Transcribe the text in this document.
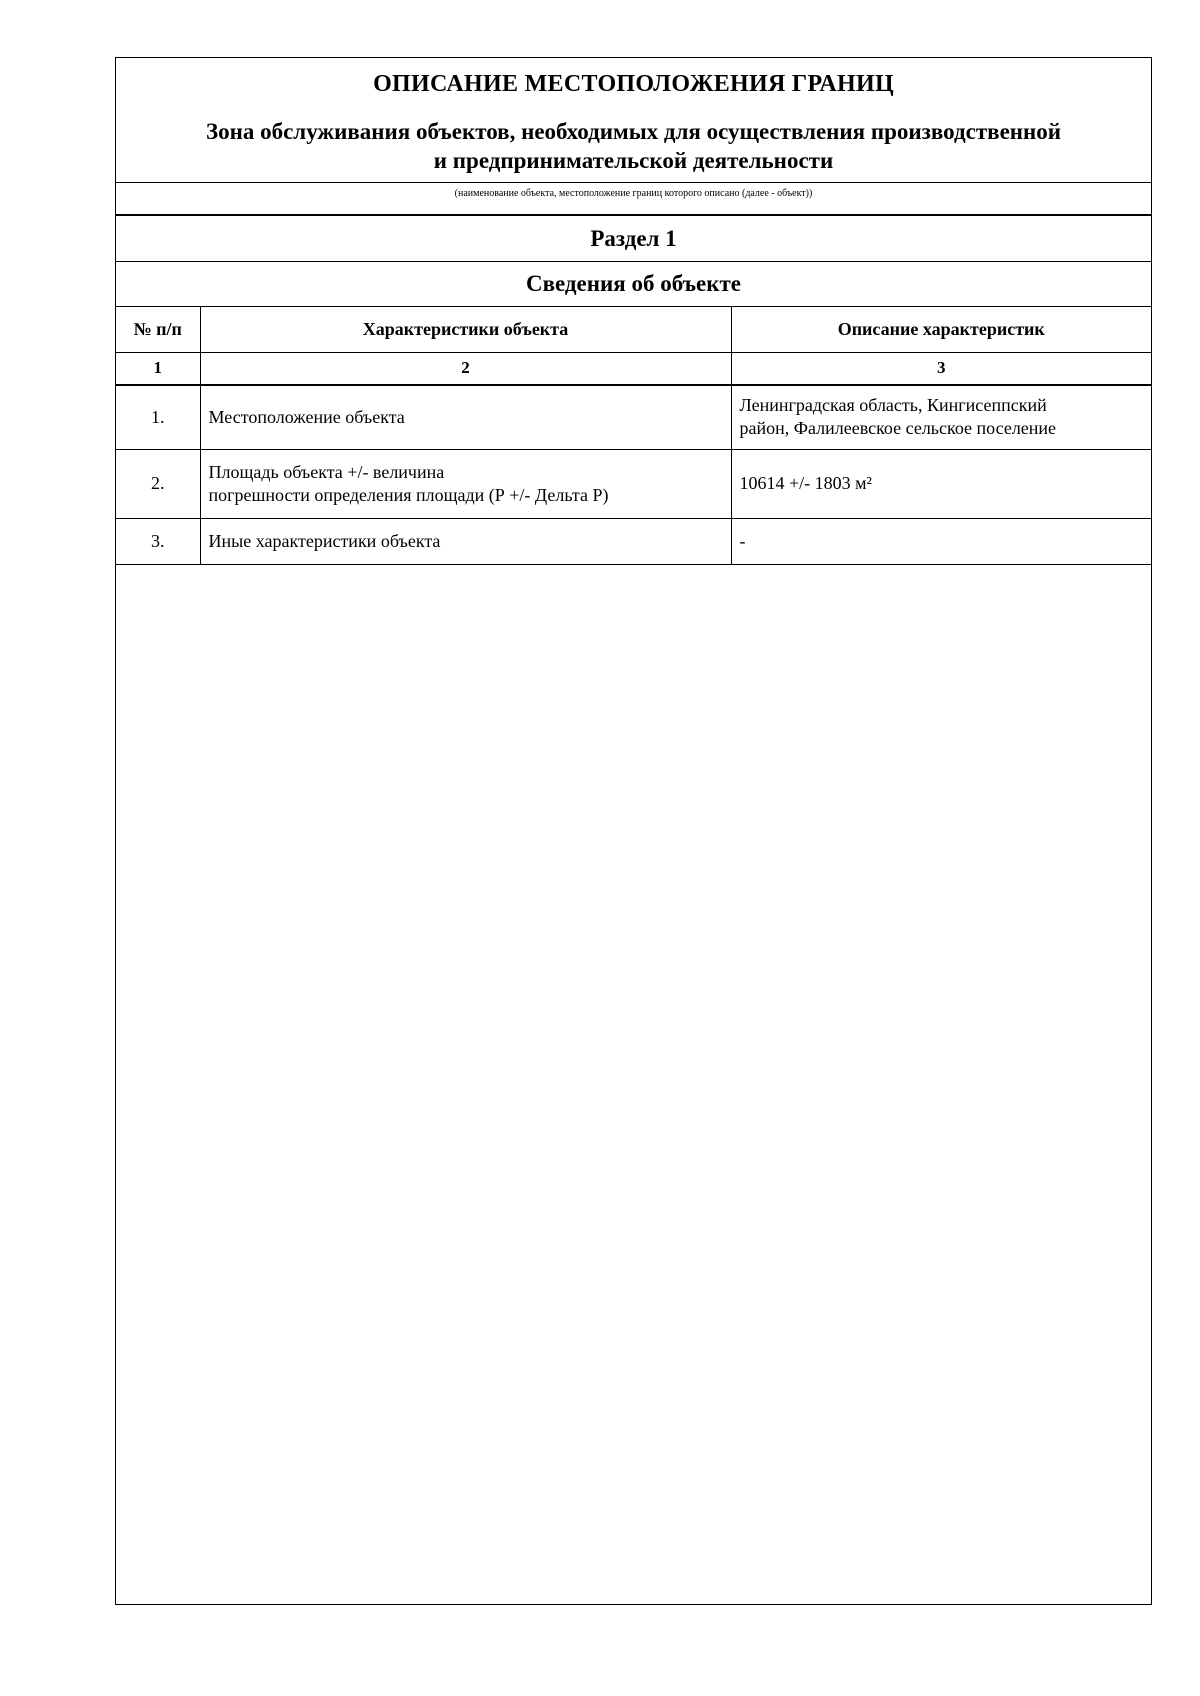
ОПИСАНИЕ МЕСТОПОЛОЖЕНИЯ ГРАНИЦ
Зона обслуживания объектов, необходимых для осуществления производственной
и предпринимательской деятельности
(наименование объекта, местоположение границ которого описано (далее - объект))
Раздел 1
Сведения об объекте
№ п/п	Характеристики объекта	Описание характеристик
1	2	3
1.	Местоположение объекта	Ленинградская область, Кингисеппский
район, Фалилеевское сельское поселение

2.	Площадь объекта +/- величина
погрешности определения площади (Р +/- Дельта Р)	10614 +/- 1803 м²

3.	Иные характеристики объекта	-
